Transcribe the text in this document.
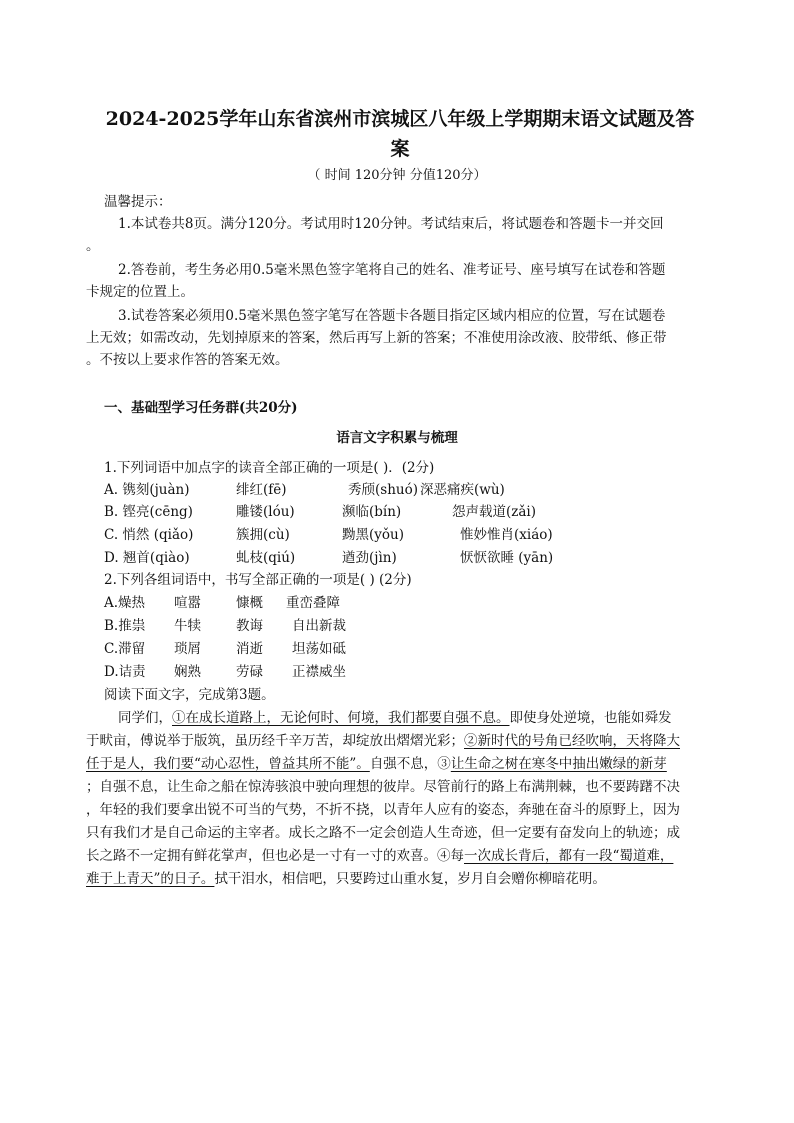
2024-2025学年山东省滨州市滨城区八年级上学期期末语文试题及答
案
（ 时间 120分钟 分值120分）
温馨提示：
1.本试卷共8页。满分120分。考试用时120分钟。考试结束后，将试题卷和答题卡一并交回
。
2.答卷前，考生务必用0.5毫米黑色签字笔将自己的姓名、准考证号、座号填写在试卷和答题
卡规定的位置上。
3.试卷答案必须用0.5毫米黑色签字笔写在答题卡各题目指定区域内相应的位置，写在试题卷
上无效；如需改动，先划掉原来的答案，然后再写上新的答案；不准使用涂改液、胶带纸、修正带
。不按以上要求作答的答案无效。
一、基础型学习任务群(共20分)
语言文字积累与梳理
1.下列词语中加点字的读音全部正确的一项是( )．(2分)
A. 镌刻(juàn)	绯红(fē)	秀颀(shuó) 深恶痛疾(wù)
B. 铿亮(cēng)	雕镂(lóu)	濒临(bín)	怨声载道(zǎi)
C. 悄然 (qiǎo)	簇拥(cù)	黝黑(yǒu)	惟妙惟肖(xiáo)
D. 翘首(qiào)	虬枝(qiú)	遒劲(jìn)	恹恹欲睡 (yān)
2.下列各组词语中，书写全部正确的一项是( ) (2分)
A.燥热 喧嚣	慷概 重峦叠障
B.推祟 牛犊	教诲 自出新裁
C.滞留 琐屑	消逝 坦荡如砥
D.诘责 娴熟	劳碌 正襟威坐
阅读下面文字，完成第3题。
同学们，①在成长道路上，无论何时、何境，我们都要自强不息。即使身处逆境，也能如舜发
于畎亩，傅说举于版筑，虽历经千辛万苦，却绽放出熠熠光彩；②新时代的号角已经吹响，天将降大
任于是人，我们要“动心忍性，曾益其所不能”。自强不息，③让生命之树在寒冬中抽出嫩绿的新芽
；自强不息，让生命之船在惊涛骇浪中驶向理想的彼岸。尽管前行的路上布满荆棘，也不要踌躇不决
，年轻的我们要拿出锐不可当的气势，不折不挠，以青年人应有的姿态，奔驰在奋斗的原野上，因为
只有我们才是自己命运的主宰者。成长之路不一定会创造人生奇迹，但一定要有奋发向上的轨迹；成
长之路不一定拥有鲜花掌声，但也必是一寸有一寸的欢喜。④每一次成长背后，都有一段“蜀道难，
难于上青天”的日子。拭干泪水，相信吧，只要跨过山重水复，岁月自会赠你柳暗花明。
